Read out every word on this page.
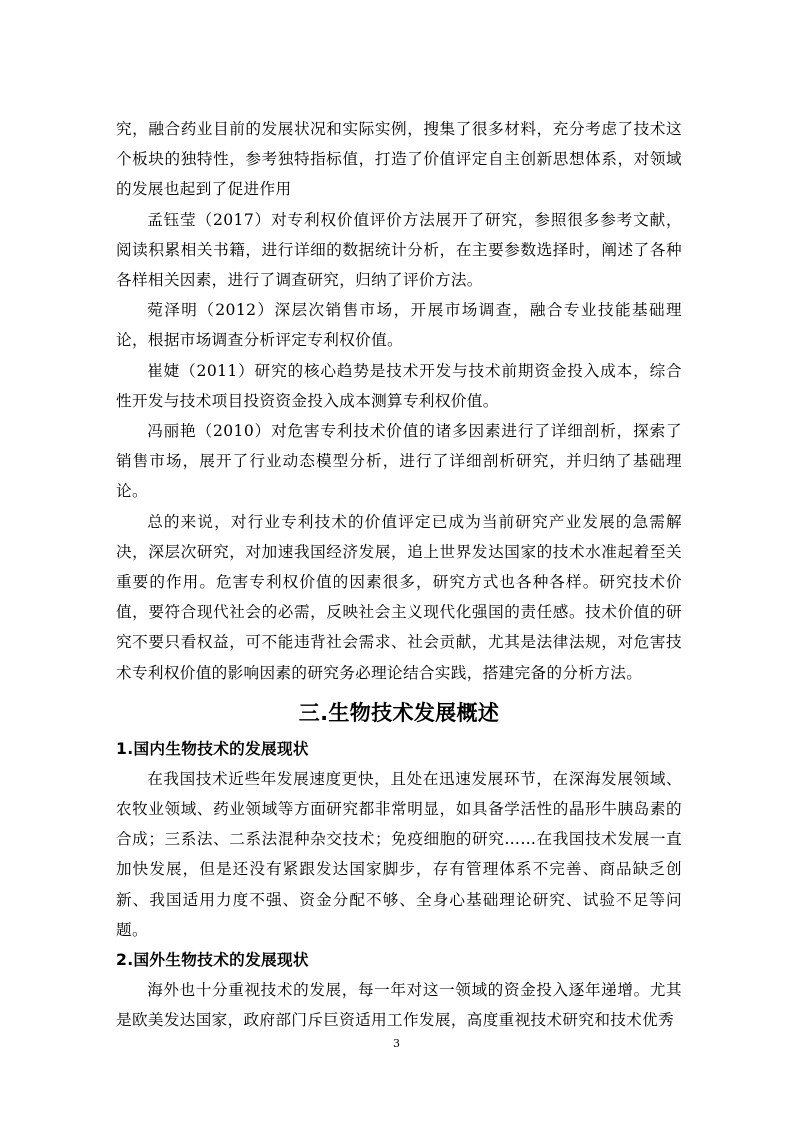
究，融合药业目前的发展状况和实际实例，搜集了很多材料，充分考虑了技术这个板块的独特性，参考独特指标值，打造了价值评定自主创新思想体系，对领域的发展也起到了促进作用

孟钰莹（2017）对专利权价值评价方法展开了研究，参照很多参考文献，阅读积累相关书籍，进行详细的数据统计分析，在主要参数选择时，阐述了各种各样相关因素，进行了调查研究，归纳了评价方法。

菀泽明（2012）深层次销售市场，开展市场调查，融合专业技能基础理论，根据市场调查分析评定专利权价值。

崔婕（2011）研究的核心趋势是技术开发与技术前期资金投入成本，综合性开发与技术项目投资资金投入成本测算专利权价值。

冯丽艳（2010）对危害专利技术价值的诸多因素进行了详细剖析，探索了销售市场，展开了行业动态模型分析，进行了详细剖析研究，并归纳了基础理论。

总的来说，对行业专利技术的价值评定已成为当前研究产业发展的急需解决，深层次研究，对加速我国经济发展，追上世界发达国家的技术水准起着至关重要的作用。危害专利权价值的因素很多，研究方式也各种各样。研究技术价值，要符合现代社会的必需，反映社会主义现代化强国的责任感。技术价值的研究不要只看权益，可不能违背社会需求、社会贡献，尤其是法律法规，对危害技术专利权价值的影响因素的研究务必理论结合实践，搭建完备的分析方法。

三.生物技术发展概述
1.国内生物技术的发展现状

在我国技术近些年发展速度更快，且处在迅速发展环节，在深海发展领域、农牧业领域、药业领域等方面研究都非常明显，如具备学活性的晶形牛胰岛素的合成；三系法、二系法混种杂交技术；免疫细胞的研究……在我国技术发展一直加快发展，但是还没有紧跟发达国家脚步，存有管理体系不完善、商品缺乏创新、我国适用力度不强、资金分配不够、全身心基础理论研究、试验不足等问题。

2.国外生物技术的发展现状

海外也十分重视技术的发展，每一年对这一领域的资金投入逐年递增。尤其是欧美发达国家，政府部门斥巨资适用工作发展，高度重视技术研究和技术优秀

3
